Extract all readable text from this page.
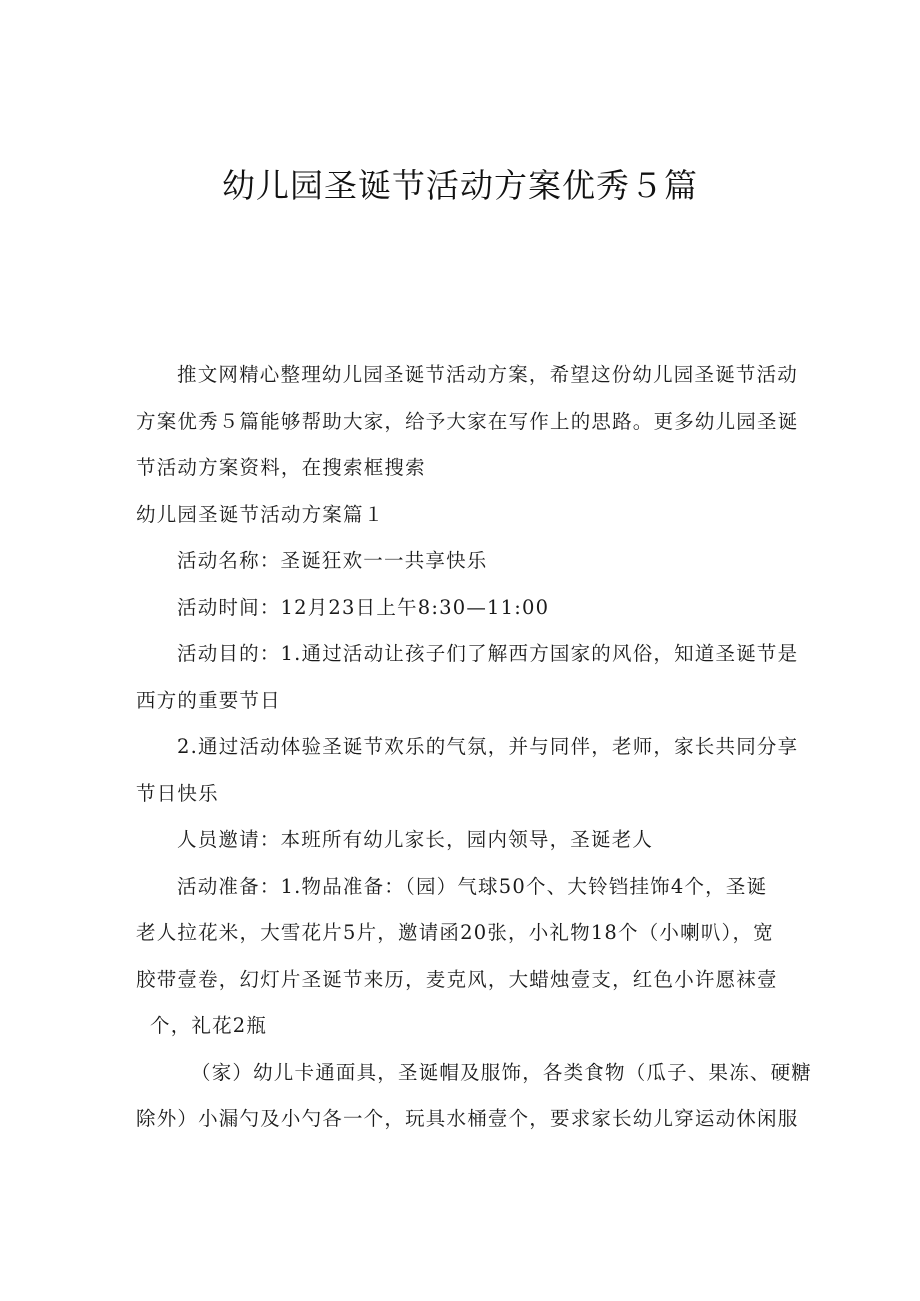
幼儿园圣诞节活动方案优秀５篇

推文网精心整理幼儿园圣诞节活动方案，希望这份幼儿园圣诞节活动

方案优秀５篇能够帮助大家，给予大家在写作上的思路。更多幼儿园圣诞

节活动方案资料，在搜索框搜索

幼儿园圣诞节活动方案篇１

活动名称：圣诞狂欢一一共享快乐

活动时间：12月23日上午8:30—11:00

活动目的：1.通过活动让孩子们了解西方国家的风俗，知道圣诞节是

西方的重要节日

2.通过活动体验圣诞节欢乐的气氛，并与同伴，老师，家长共同分享

节日快乐

人员邀请：本班所有幼儿家长，园内领导，圣诞老人

活动准备：1.物品准备：（园）气球50个、大铃铛挂饰4个，圣诞

老人拉花米，大雪花片5片，邀请函20张，小礼物18个（小喇叭），宽

胶带壹卷，幻灯片圣诞节来历，麦克风，大蜡烛壹支，红色小许愿袜壹

个，礼花2瓶

（家）幼儿卡通面具，圣诞帽及服饰，各类食物（瓜子、果冻、硬糖

除外）小漏勺及小勺各一个，玩具水桶壹个，要求家长幼儿穿运动休闲服
